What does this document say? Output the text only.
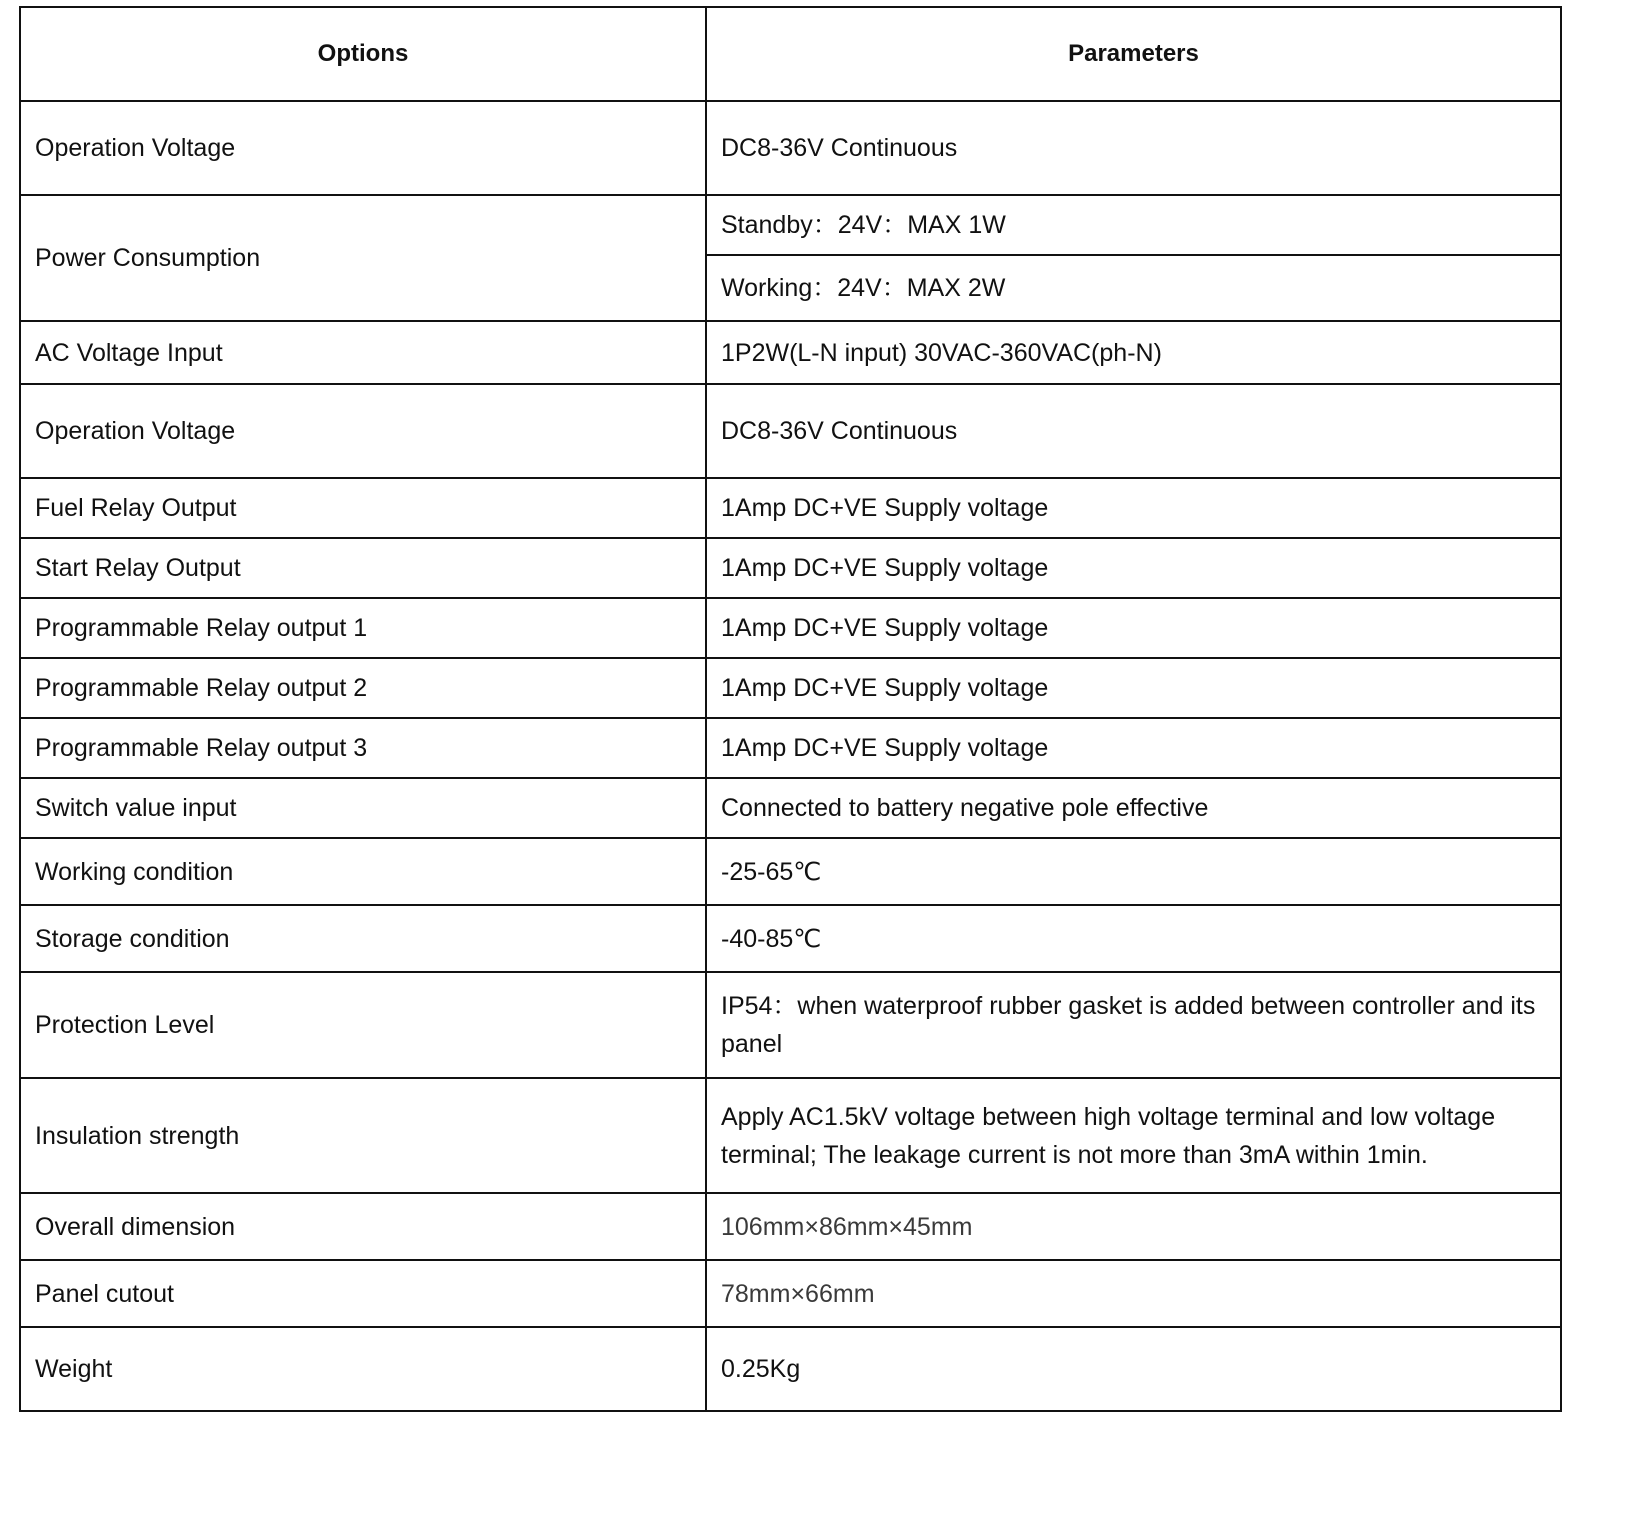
Options	Parameters
Operation Voltage	DC8-36V Continuous
Power Consumption	Standby：24V：MAX 1W
	Working：24V：MAX 2W
AC Voltage Input	1P2W(L-N input) 30VAC-360VAC(ph-N)
Operation Voltage	DC8-36V Continuous
Fuel Relay Output	1Amp DC+VE Supply voltage
Start Relay Output	1Amp DC+VE Supply voltage
Programmable Relay output 1	1Amp DC+VE Supply voltage
Programmable Relay output 2	1Amp DC+VE Supply voltage
Programmable Relay output 3	1Amp DC+VE Supply voltage
Switch value input	Connected to battery negative pole effective
Working condition	-25-65℃
Storage condition	-40-85℃
Protection Level	IP54：when waterproof rubber gasket is added between controller and its panel
Insulation strength	Apply AC1.5kV voltage between high voltage terminal and low voltage terminal; The leakage current is not more than 3mA within 1min.
Overall dimension	106mm×86mm×45mm
Panel cutout	78mm×66mm
Weight	0.25Kg
